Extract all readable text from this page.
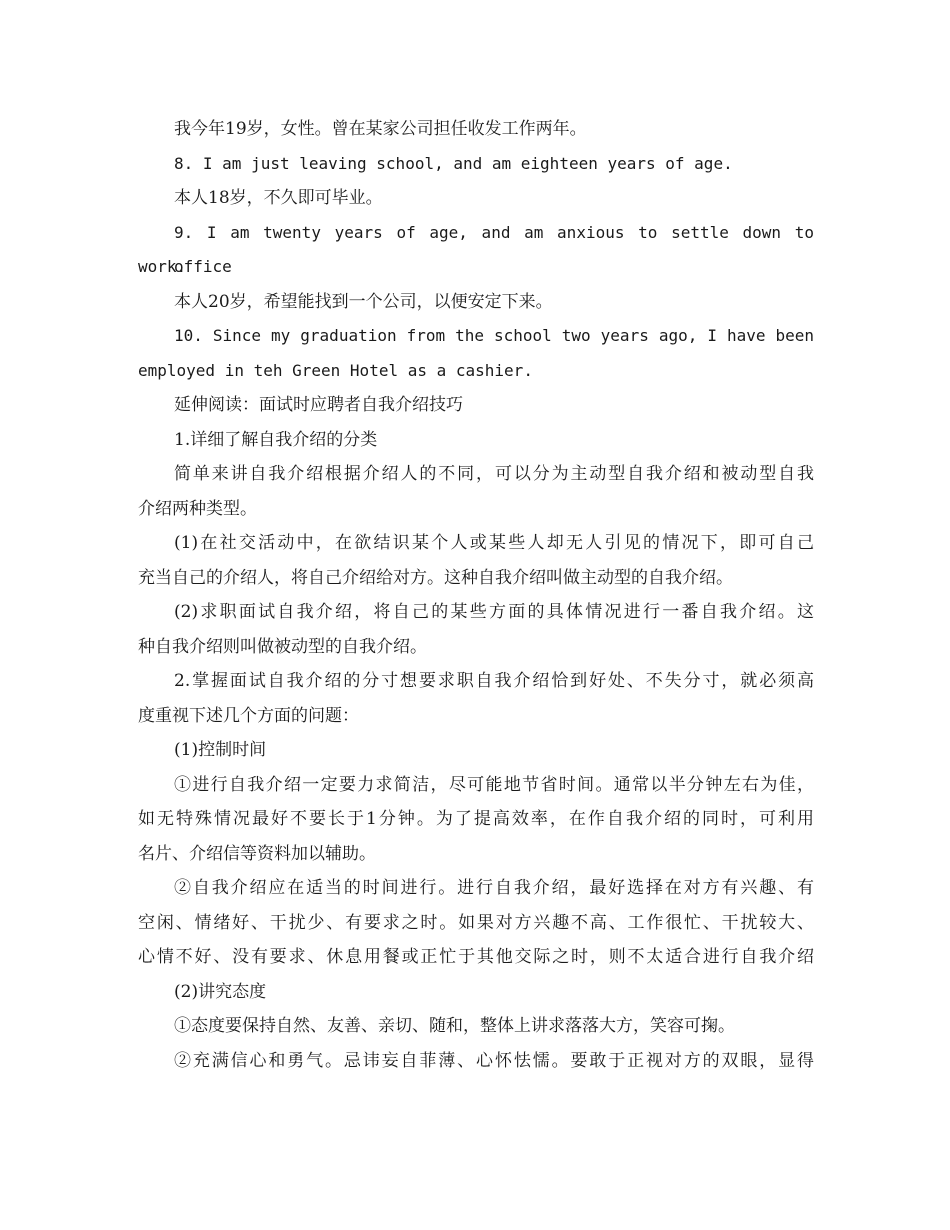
我今年19岁，女性。曾在某家公司担任收发工作两年。
8. I am just leaving school, and am eighteen years of age.
本人18岁，不久即可毕业。
9. I am twenty years of age, and am anxious to settle down to office
work.
本人20岁，希望能找到一个公司，以便安定下来。
10. Since my graduation from the school two years ago, I have been
employed in teh Green Hotel as a cashier.
延伸阅读：面试时应聘者自我介绍技巧
1.详细了解自我介绍的分类
简单来讲自我介绍根据介绍人的不同，可以分为主动型自我介绍和被动型自我
介绍两种类型。
(1)在社交活动中，在欲结识某个人或某些人却无人引见的情况下，即可自己
充当自己的介绍人，将自己介绍给对方。这种自我介绍叫做主动型的自我介绍。
(2)求职面试自我介绍，将自己的某些方面的具体情况进行一番自我介绍。这
种自我介绍则叫做被动型的自我介绍。
2.掌握面试自我介绍的分寸想要求职自我介绍恰到好处、不失分寸，就必须高
度重视下述几个方面的问题：
(1)控制时间
①进行自我介绍一定要力求简洁，尽可能地节省时间。通常以半分钟左右为佳，
如无特殊情况最好不要长于1分钟。为了提高效率，在作自我介绍的同时，可利用
名片、介绍信等资料加以辅助。
②自我介绍应在适当的时间进行。进行自我介绍，最好选择在对方有兴趣、有
空闲、情绪好、干扰少、有要求之时。如果对方兴趣不高、工作很忙、干扰较大、
心情不好、没有要求、休息用餐或正忙于其他交际之时，则不太适合进行自我介绍
(2)讲究态度
①态度要保持自然、友善、亲切、随和，整体上讲求落落大方，笑容可掬。
②充满信心和勇气。忌讳妄自菲薄、心怀怯懦。要敢于正视对方的双眼，显得
